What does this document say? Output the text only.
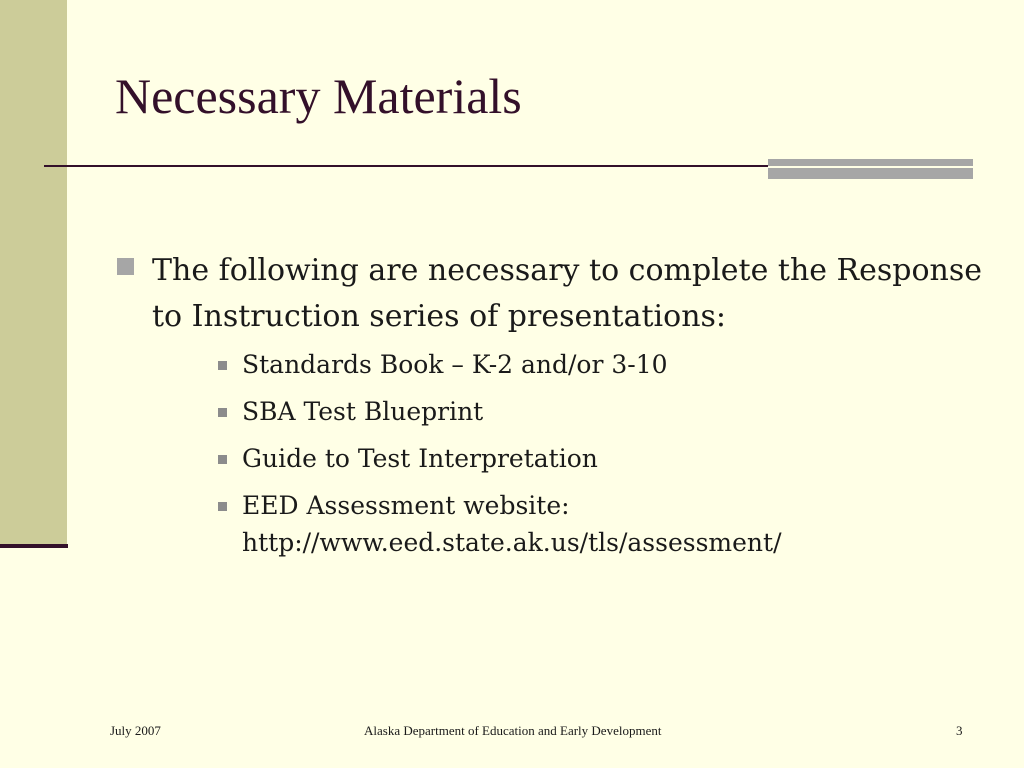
Necessary Materials
The following are necessary to complete the Response to Instruction series of presentations:
Standards Book – K-2 and/or 3-10
SBA Test Blueprint
Guide to Test Interpretation
EED Assessment website: http://www.eed.state.ak.us/tls/assessment/
July 2007	Alaska Department of Education and Early Development	3
